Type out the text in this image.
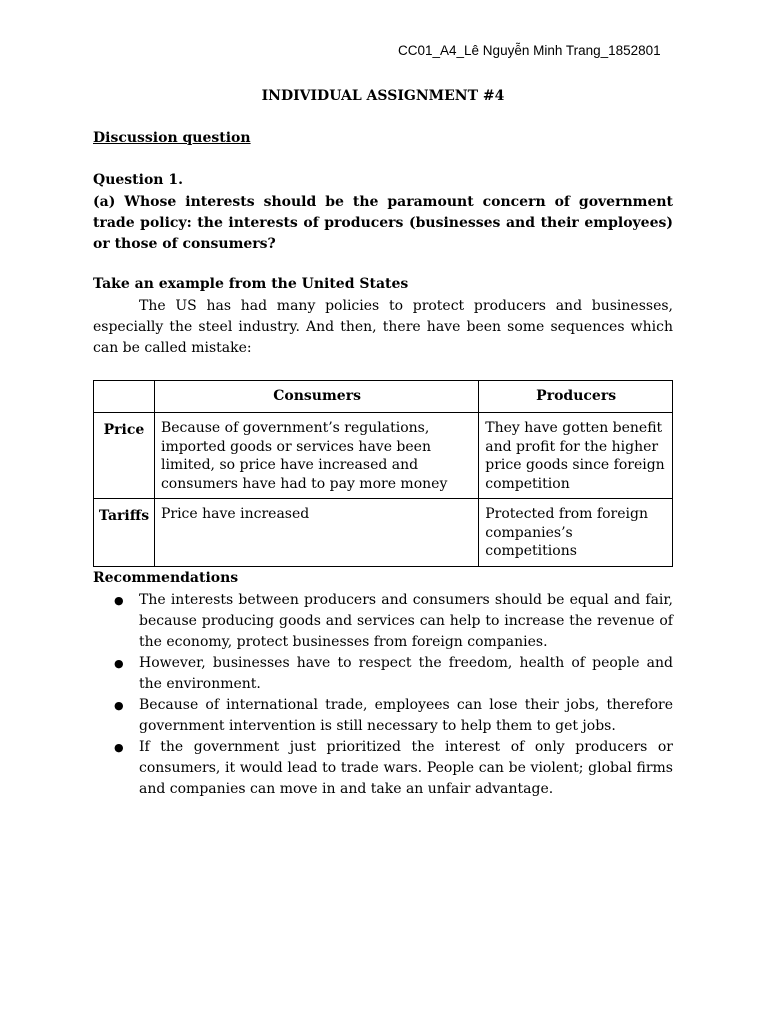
CC01_A4_Lê Nguyễn Minh Trang_1852801
INDIVIDUAL ASSIGNMENT #4
Discussion question
Question 1.
(a) Whose interests should be the paramount concern of government trade policy: the interests of producers (businesses and their employees) or those of consumers?
Take an example from the United States
The US has had many policies to protect producers and businesses, especially the steel industry. And then, there have been some sequences which can be called mistake:
	Consumers	Producers
Price	Because of government’s regulations, imported goods or services have been limited, so price have increased and consumers have had to pay more money	They have gotten benefit and profit for the higher price goods since foreign competition
Tariffs	Price have increased	Protected from foreign companies’s competitions
Recommendations
● The interests between producers and consumers should be equal and fair, because producing goods and services can help to increase the revenue of the economy, protect businesses from foreign companies.
● However, businesses have to respect the freedom, health of people and the environment.
● Because of international trade, employees can lose their jobs, therefore government intervention is still necessary to help them to get jobs.
● If the government just prioritized the interest of only producers or consumers, it would lead to trade wars. People can be violent; global firms and companies can move in and take an unfair advantage.
